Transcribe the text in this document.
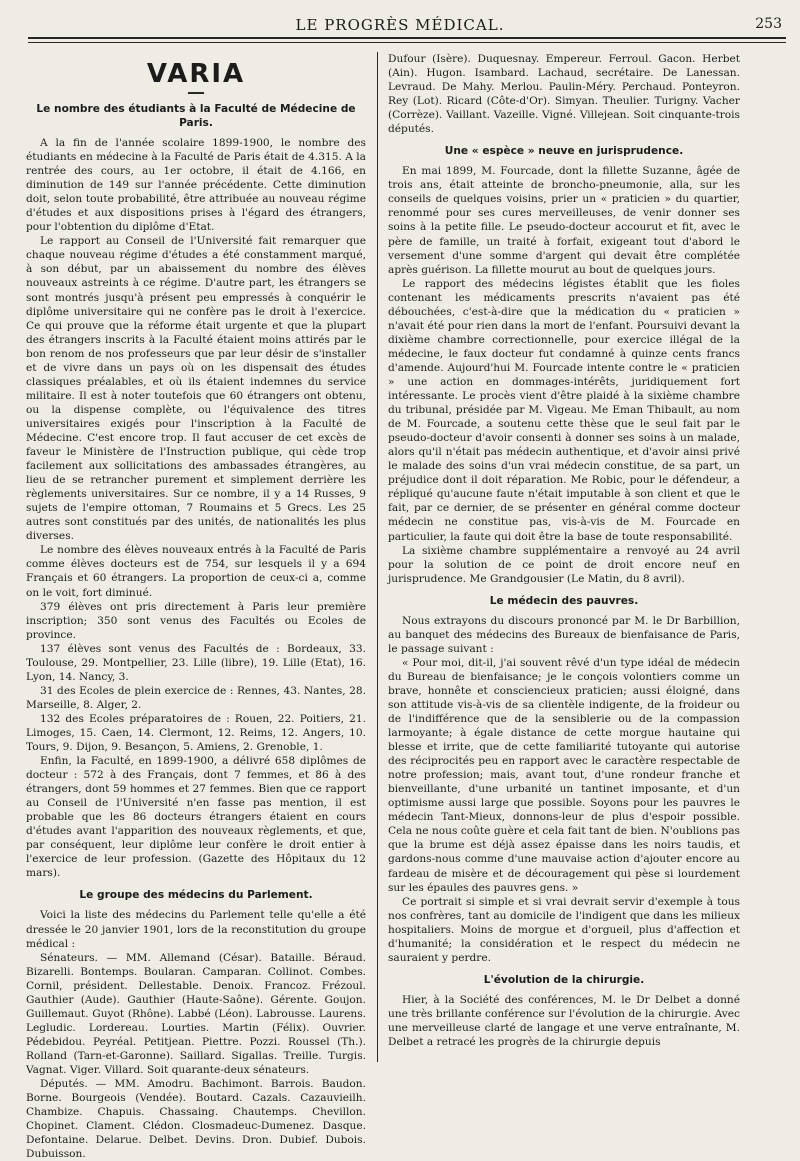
LE PROGRÈS MÉDICAL.	253
VARIA
Le nombre des étudiants à la Faculté de Médecine de Paris.

A la fin de l'année scolaire 1899-1900, le nombre des étudiants en médecine à la Faculté de Paris était de 4.315. A la rentrée des cours, au 1er octobre, il était de 4.166, en diminution de 149 sur l'année précédente. Cette diminution doit, selon toute probabilité, être attribuée au nouveau régime d'études et aux dispositions prises à l'égard des étrangers, pour l'obtention du diplôme d'Etat.

Le rapport au Conseil de l'Université fait remarquer que chaque nouveau régime d'études a été constamment marqué, à son début, par un abaissement du nombre des élèves nouveaux astreints à ce régime. D'autre part, les étrangers se sont montrés jusqu'à présent peu empressés à conquérir le diplôme universitaire qui ne confère pas le droit à l'exercice. Ce qui prouve que la réforme était urgente et que la plupart des étrangers inscrits à la Faculté étaient moins attirés par le bon renom de nos professeurs que par leur désir de s'installer et de vivre dans un pays où on les dispensait des études classiques préalables, et où ils étaient indemnes du service militaire. Il est à noter toutefois que 60 étrangers ont obtenu, ou la dispense complète, ou l'équivalence des titres universitaires exigés pour l'inscription à la Faculté de Médecine. C'est encore trop. Il faut accuser de cet excès de faveur le Ministère de l'Instruction publique, qui cède trop facilement aux sollicitations des ambassades étrangères, au lieu de se retrancher purement et simplement derrière les règlements universitaires. Sur ce nombre, il y a 14 Russes, 9 sujets de l'empire ottoman, 7 Roumains et 5 Grecs. Les 25 autres sont constitués par des unités, de nationalités les plus diverses.

Le nombre des élèves nouveaux entrés à la Faculté de Paris comme élèves docteurs est de 754, sur lesquels il y a 694 Français et 60 étrangers. La proportion de ceux-ci a, comme on le voit, fort diminué.

379 élèves ont pris directement à Paris leur première inscription; 350 sont venus des Facultés ou Ecoles de province.

137 élèves sont venus des Facultés de : Bordeaux, 33. Toulouse, 29. Montpellier, 23. Lille (libre), 19. Lille (Etat), 16. Lyon, 14. Nancy, 3.

31 des Ecoles de plein exercice de : Rennes, 43. Nantes, 28. Marseille, 8. Alger, 2.

132 des Ecoles préparatoires de : Rouen, 22. Poitiers, 21. Limoges, 15. Caen, 14. Clermont, 12. Reims, 12. Angers, 10. Tours, 9. Dijon, 9. Besançon, 5. Amiens, 2. Grenoble, 1.

Enfin, la Faculté, en 1899-1900, a délivré 658 diplômes de docteur : 572 à des Français, dont 7 femmes, et 86 à des étrangers, dont 59 hommes et 27 femmes. Bien que ce rapport au Conseil de l'Université n'en fasse pas mention, il est probable que les 86 docteurs étrangers étaient en cours d'études avant l'apparition des nouveaux règlements, et que, par conséquent, leur diplôme leur confère le droit entier à l'exercice de leur profession. (Gazette des Hôpitaux du 12 mars).

Le groupe des médecins du Parlement.

Voici la liste des médecins du Parlement telle qu'elle a été dressée le 20 janvier 1901, lors de la reconstitution du groupe médical :

Sénateurs. — MM. Allemand (César). Bataille. Béraud. Bizarelli. Bontemps. Boularan. Camparan. Collinot. Combes. Cornil, président. Dellestable. Denoix. Francoz. Frézoul. Gauthier (Aude). Gauthier (Haute-Saône). Gérente. Goujon. Guillemaut. Guyot (Rhône). Labbé (Léon). Labrousse. Laurens. Legludic. Lordereau. Lourties. Martin (Félix). Ouvrier. Pédebidou. Peyréal. Petitjean. Piettre. Pozzi. Roussel (Th.). Rolland (Tarn-et-Garonne). Saillard. Sigallas. Treille. Turgis. Vagnat. Viger. Villard. Soit quarante-deux sénateurs.

Députés. — MM. Amodru. Bachimont. Barrois. Baudon. Borne. Bourgeois (Vendée). Boutard. Cazals. Cazauvieilh. Chambize. Chapuis. Chassaing. Chautemps. Chevillon. Chopinet. Clament. Clédon. Closmadeuc-Dumenez. Dasque. Defontaine. Delarue. Delbet. Devins. Dron. Dubief. Dubois. Dubuisson.

Dufour (Isère). Duquesnay. Empereur. Ferroul. Gacon. Herbet (Ain). Hugon. Isambard. Lachaud, secrétaire. De Lanessan. Levraud. De Mahy. Merlou. Paulin-Méry. Perchaud. Ponteyron. Rey (Lot). Ricard (Côte-d'Or). Simyan. Theulier. Turigny. Vacher (Corrèze). Vaillant. Vazeille. Vigné. Villejean. Soit cinquante-trois députés.

Une « espèce » neuve en jurisprudence.

En mai 1899, M. Fourcade, dont la fillette Suzanne, âgée de trois ans, était atteinte de broncho-pneumonie, alla, sur les conseils de quelques voisins, prier un « praticien » du quartier, renommé pour ses cures merveilleuses, de venir donner ses soins à la petite fille. Le pseudo-docteur accourut et fit, avec le père de famille, un traité à forfait, exigeant tout d'abord le versement d'une somme d'argent qui devait être complétée après guérison. La fillette mourut au bout de quelques jours.

Le rapport des médecins légistes établit que les fioles contenant les médicaments prescrits n'avaient pas été débouchées, c'est-à-dire que la médication du « praticien » n'avait été pour rien dans la mort de l'enfant. Poursuivi devant la dixième chambre correctionnelle, pour exercice illégal de la médecine, le faux docteur fut condamné à quinze cents francs d'amende. Aujourd'hui M. Fourcade intente contre le « praticien » une action en dommages-intérêts, juridiquement fort intéressante. Le procès vient d'être plaidé à la sixième chambre du tribunal, présidée par M. Vigeau. Me Eman Thibault, au nom de M. Fourcade, a soutenu cette thèse que le seul fait par le pseudo-docteur d'avoir consenti à donner ses soins à un malade, alors qu'il n'était pas médecin authentique, et d'avoir ainsi privé le malade des soins d'un vrai médecin constitue, de sa part, un préjudice dont il doit réparation. Me Robic, pour le défendeur, a répliqué qu'aucune faute n'était imputable à son client et que le fait, par ce dernier, de se présenter en général comme docteur médecin ne constitue pas, vis-à-vis de M. Fourcade en particulier, la faute qui doit être la base de toute responsabilité.

La sixième chambre supplémentaire a renvoyé au 24 avril pour la solution de ce point de droit encore neuf en jurisprudence. Me Grandgousier (Le Matin, du 8 avril).

Le médecin des pauvres.

Nous extrayons du discours prononcé par M. le Dr Barbillion, au banquet des médecins des Bureaux de bienfaisance de Paris, le passage suivant :

« Pour moi, dit-il, j'ai souvent rêvé d'un type idéal de médecin du Bureau de bienfaisance; je le conçois volontiers comme un brave, honnête et consciencieux praticien; aussi éloigné, dans son attitude vis-à-vis de sa clientèle indigente, de la froideur ou de l'indifférence que de la sensiblerie ou de la compassion larmoyante; à égale distance de cette morgue hautaine qui blesse et irrite, que de cette familiarité tutoyante qui autorise des réciprocités peu en rapport avec le caractère respectable de notre profession; mais, avant tout, d'une rondeur franche et bienveillante, d'une urbanité un tantinet imposante, et d'un optimisme aussi large que possible. Soyons pour les pauvres le médecin Tant-Mieux, donnons-leur de plus d'espoir possible. Cela ne nous coûte guère et cela fait tant de bien. N'oublions pas que la brume est déjà assez épaisse dans les noirs taudis, et gardons-nous comme d'une mauvaise action d'ajouter encore au fardeau de misère et de découragement qui pèse si lourdement sur les épaules des pauvres gens. »

Ce portrait si simple et si vrai devrait servir d'exemple à tous nos confrères, tant au domicile de l'indigent que dans les milieux hospitaliers. Moins de morgue et d'orgueil, plus d'affection et d'humanité; la considération et le respect du médecin ne sauraient y perdre.

L'évolution de la chirurgie.

Hier, à la Société des conférences, M. le Dr Delbet a donné une très brillante conférence sur l'évolution de la chirurgie. Avec une merveilleuse clarté de langage et une verve entraînante, M. Delbet a retracé les progrès de la chirurgie depuis
